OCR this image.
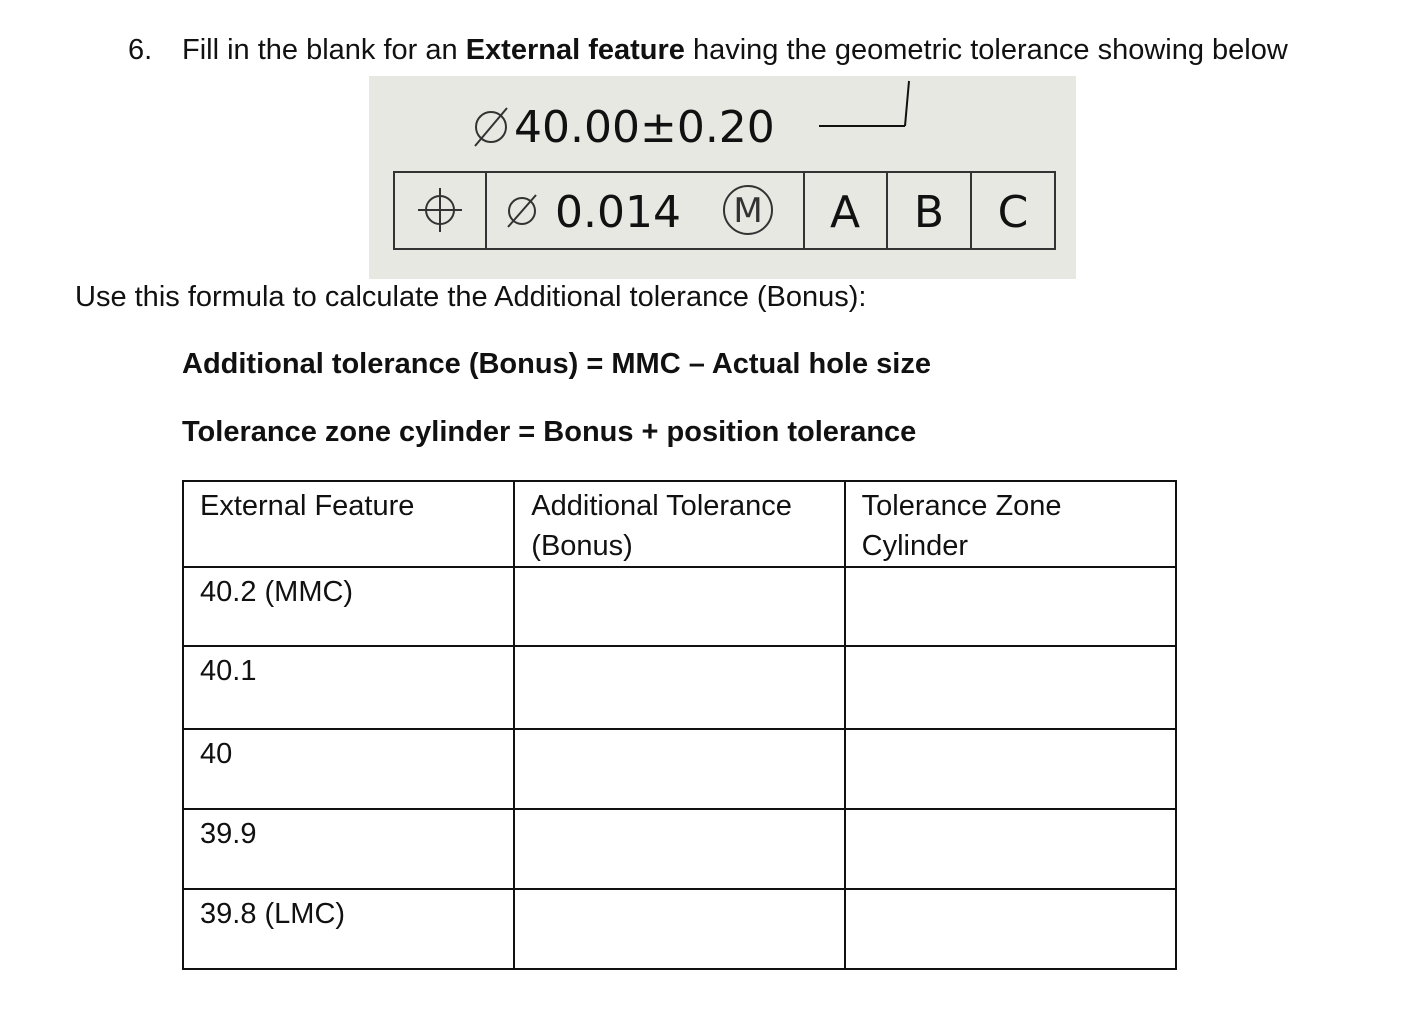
6. Fill in the blank for an External feature having the geometric tolerance showing below
40.00±0.20
0.014 M A B C
Use this formula to calculate the Additional tolerance (Bonus):
Additional tolerance (Bonus) = MMC – Actual hole size
Tolerance zone cylinder = Bonus + position tolerance
External Feature	Additional Tolerance (Bonus)	Tolerance Zone Cylinder
40.2 (MMC)		
40.1		
40		
39.9		
39.8 (LMC)		
